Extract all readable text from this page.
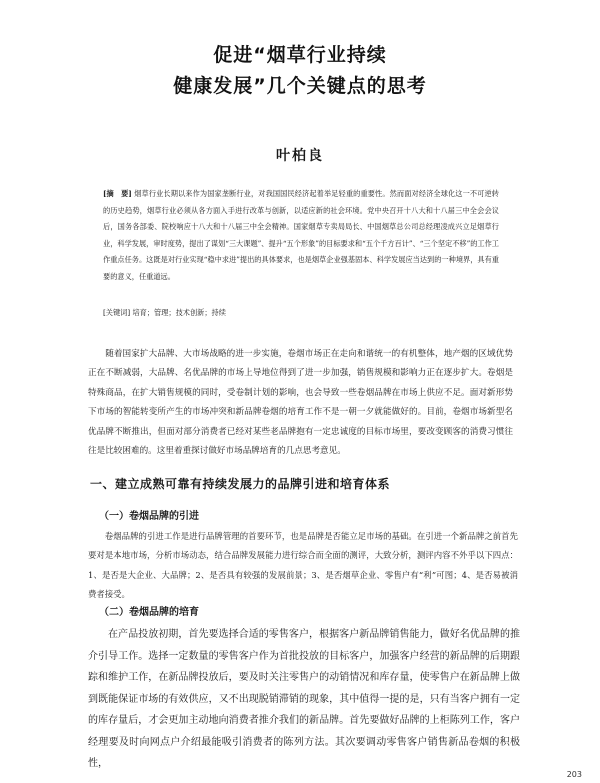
促进“烟草行业持续
健康发展”几个关键点的思考
叶柏良
[摘　要] 烟草行业长期以来作为国家垄断行业，对我国国民经济起着举足轻重的重要性。然而面对经济全球化这一不可逆转的历史趋势，烟草行业必须从各方面入手进行改革与创新，以适应新的社会环境。党中央召开十八大和十八届三中全会会议后，国务各部委、院校响应十八大和十八届三中全会精神。国家烟草专卖局局长、中国烟草总公司总经理凌成兴立足烟草行业，科学发展，审时度势，提出了谋划“三大课题”、提升“五个形象”的目标要求和“五个千方百计”、“三个坚定不移”的工作工作重点任务。这既是对行业实现“稳中求进”提出的具体要求，也是烟草企业强基固本、科学发展应当达到的一种境界，具有重要的意义，任重道远。
[关键词] 培育；管理；技术创新；持续

随着国家扩大品牌、大市场战略的进一步实施，卷烟市场正在走向和谐统一的有机整体，地产烟的区域优势正在不断减弱，大品牌、名优品牌的市场上导地位得到了进一步加强，销售规模和影响力正在逐步扩大。卷烟是特殊商品，在扩大销售规模的同时，受卷制计划的影响，也会导致一些卷烟品牌在市场上供应不足。面对新形势下市场的智能转变所产生的市场冲突和新品牌卷烟的培育工作不是一朝一夕就能做好的。目前，卷烟市场新型名优品牌不断推出，但面对部分消费者已经对某些老品牌抱有一定忠诚度的目标市场里，要改变顾客的消费习惯往往是比较困难的。这里着重探讨做好市场品牌培育的几点思考意见。

一、建立成熟可靠有持续发展力的品牌引进和培育体系
（一）卷烟品牌的引进

卷烟品牌的引进工作是进行品牌管理的首要环节，也是品牌是否能立足市场的基础。在引进一个新品牌之前首先要对是本地市场，分析市场动态，结合品牌发展能力进行综合而全面的测评，大致分析，测评内容不外乎以下四点：1、是否是大企业、大品牌；2、是否具有较强的发展前景；3、是否烟草企业、零售户有“利”可图；4、是否易被消费者接受。

（二）卷烟品牌的培育

在产品投放初期，首先要选择合适的零售客户，根据客户新品牌销售能力，做好名优品牌的推介引导工作。选择一定数量的零售客户作为首批投放的目标客户，加强客户经营的新品牌的后期跟踪和维护工作，在新品牌投放后，要及时关注零售户的动销情况和库存量，使零售户在新品牌上做到既能保证市场的有效供应，又不出现脱销滞销的现象，其中值得一提的是，只有当客户拥有一定的库存量后，才会更加主动地向消费者推介我们的新品牌。首先要做好品牌的上柜陈列工作，客户经理要及时向网点户介绍最能吸引消费者的陈列方法。其次要调动零售客户销售新品卷烟的积极性，

203
